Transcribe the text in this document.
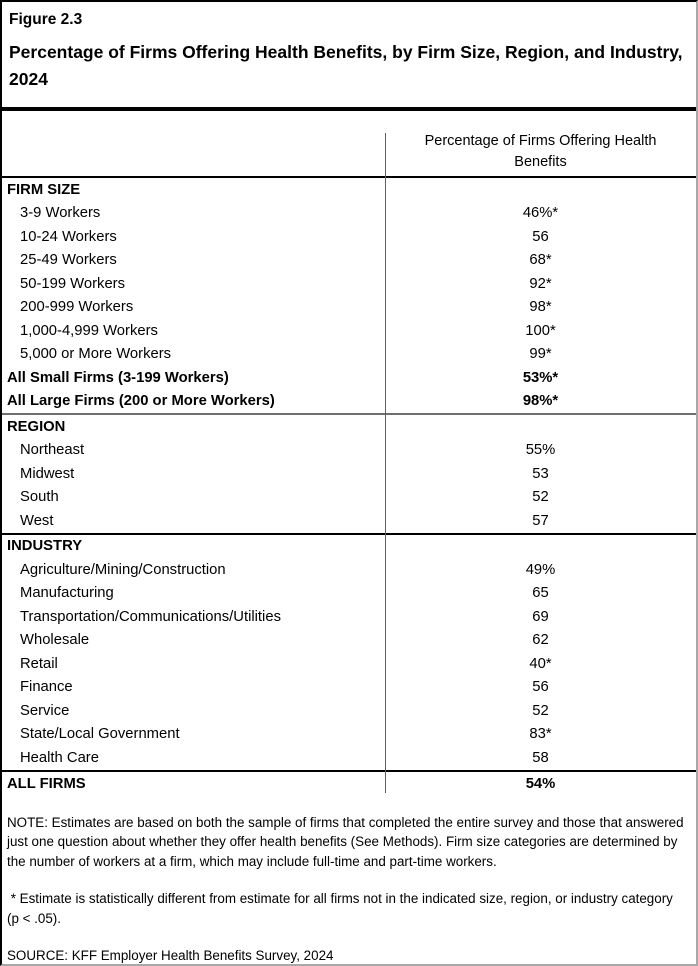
Figure 2.3
Percentage of Firms Offering Health Benefits, by Firm Size, Region, and Industry, 2024
Percentage of Firms Offering Health Benefits
FIRM SIZE
3-9 Workers	46%*
10-24 Workers	56
25-49 Workers	68*
50-199 Workers	92*
200-999 Workers	98*
1,000-4,999 Workers	100*
5,000 or More Workers	99*
All Small Firms (3-199 Workers)	53%*
All Large Firms (200 or More Workers)	98%*
REGION
Northeast	55%
Midwest	53
South	52
West	57
INDUSTRY
Agriculture/Mining/Construction	49%
Manufacturing	65
Transportation/Communications/Utilities	69
Wholesale	62
Retail	40*
Finance	56
Service	52
State/Local Government	83*
Health Care	58
ALL FIRMS	54%

NOTE: Estimates are based on both the sample of firms that completed the entire survey and those that answered just one question about whether they offer health benefits (See Methods). Firm size categories are determined by the number of workers at a firm, which may include full-time and part-time workers.

* Estimate is statistically different from estimate for all firms not in the indicated size, region, or industry category (p < .05).

SOURCE: KFF Employer Health Benefits Survey, 2024
